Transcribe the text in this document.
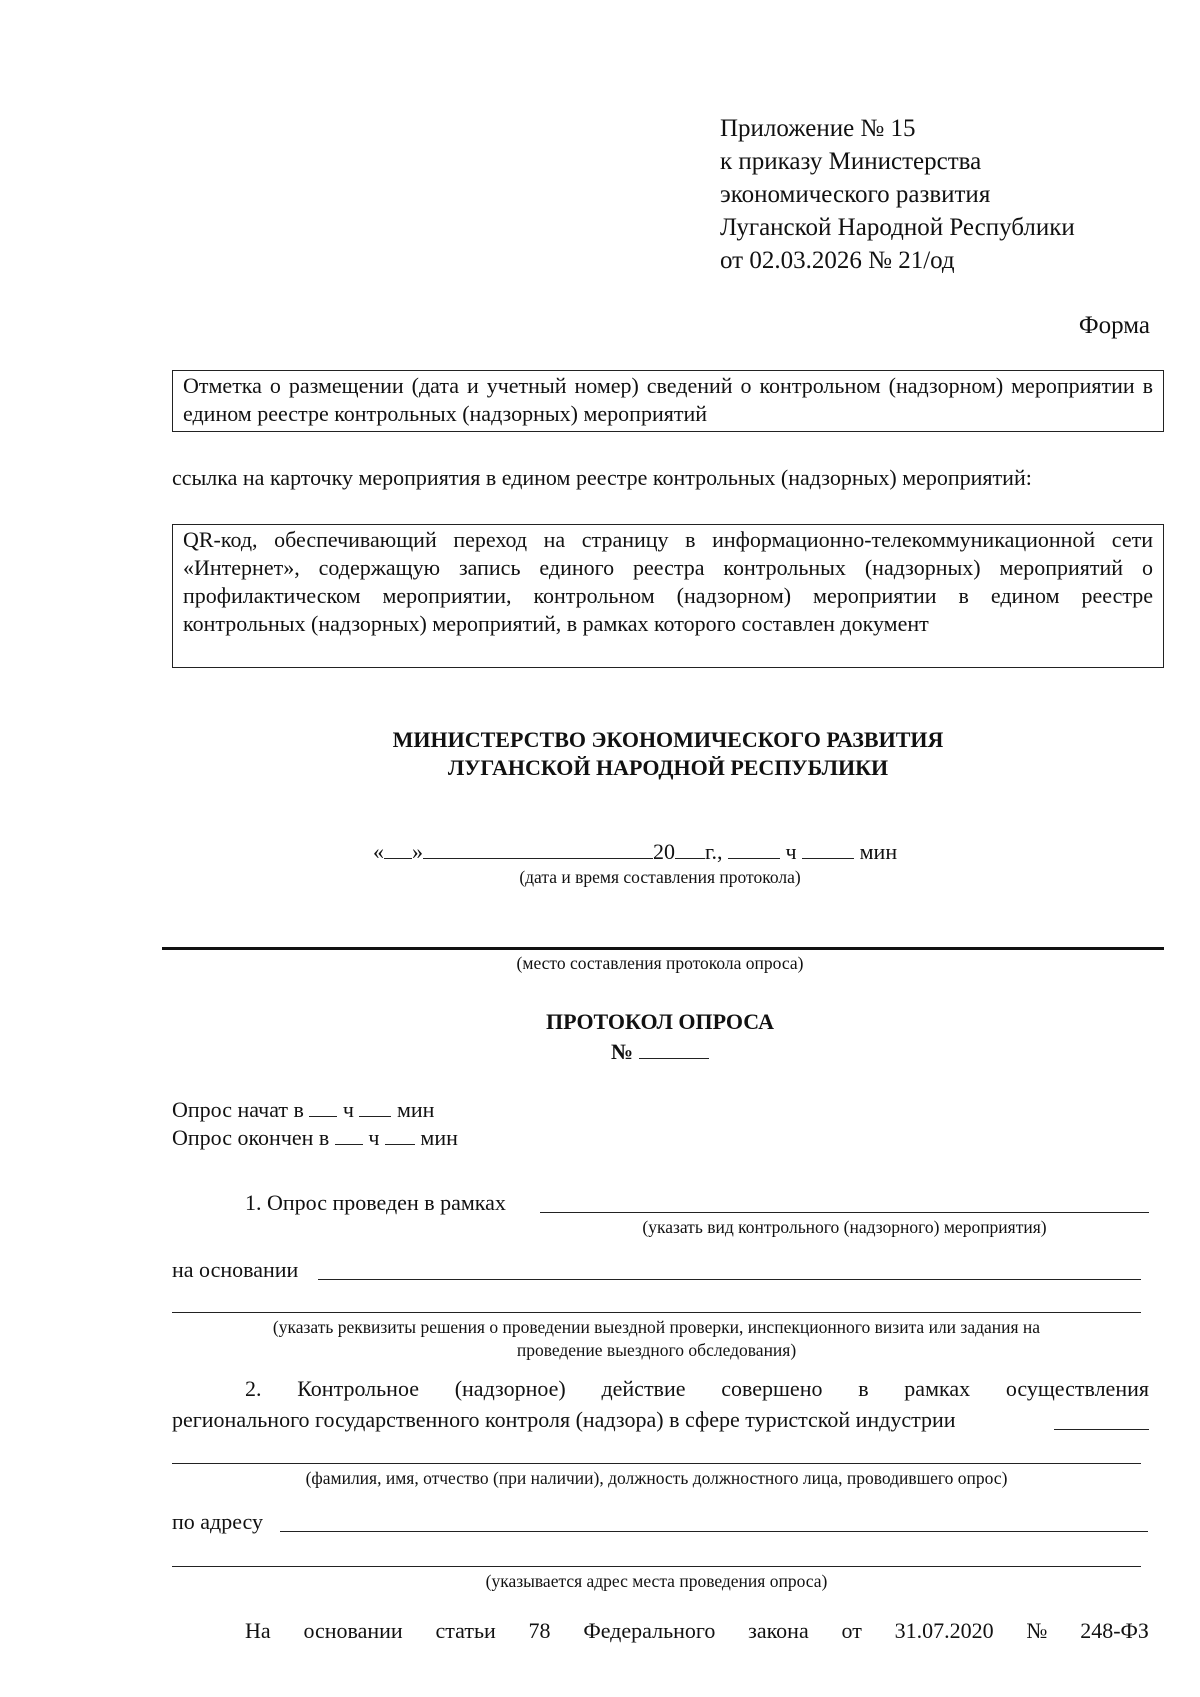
Приложение № 15
к приказу Министерства
экономического развития
Луганской Народной Республики
от 02.03.2026 № 21/од
Форма
Отметка о размещении (дата и учетный номер) сведений о контрольном (надзорном) мероприятии в едином реестре контрольных (надзорных) мероприятий
ссылка на карточку мероприятия в едином реестре контрольных (надзорных) мероприятий:
QR-код, обеспечивающий переход на страницу в информационно-телекоммуникационной сети «Интернет», содержащую запись единого реестра контрольных (надзорных) мероприятий о профилактическом мероприятии, контрольном (надзорном) мероприятии в едином реестре контрольных (надзорных) мероприятий, в рамках которого составлен документ
МИНИСТЕРСТВО ЭКОНОМИЧЕСКОГО РАЗВИТИЯ
ЛУГАНСКОЙ НАРОДНОЙ РЕСПУБЛИКИ
« »	20 г.,	ч	мин
(дата и время составления протокола)
(место составления протокола опроса)
ПРОТОКОЛ ОПРОСА
№
Опрос начат в ч мин
Опрос окончен в ч мин
1. Опрос проведен в рамках
(указать вид контрольного (надзорного) мероприятия)
на основании
(указать реквизиты решения о проведении выездной проверки, инспекционного визита или задания на
проведение выездного обследования)
2. Контрольное (надзорное) действие совершено в рамках осуществления
регионального государственного контроля (надзора) в сфере туристской индустрии
(фамилия, имя, отчество (при наличии), должность должностного лица, проводившего опрос)
по адресу
(указывается адрес места проведения опроса)
На основании статьи 78 Федерального закона от 31.07.2020 № 248-ФЗ
